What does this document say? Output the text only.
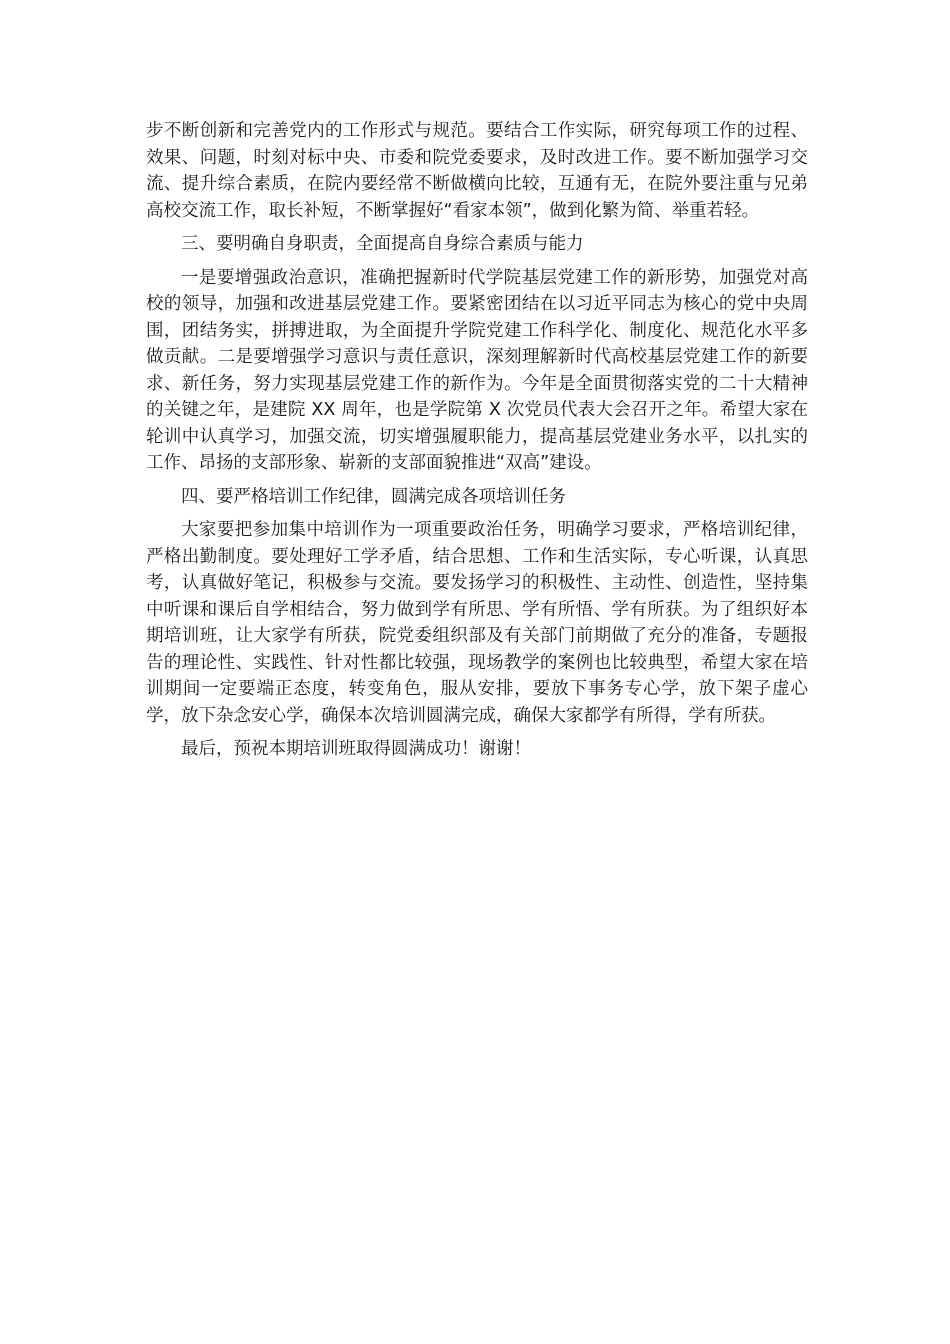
步不断创新和完善党内的工作形式与规范。要结合工作实际，研究每项工作的过程、效果、问题，时刻对标中央、市委和院党委要求，及时改进工作。要不断加强学习交流、提升综合素质，在院内要经常不断做横向比较，互通有无，在院外要注重与兄弟高校交流工作，取长补短，不断掌握好“看家本领”，做到化繁为简、举重若轻。

三、要明确自身职责，全面提高自身综合素质与能力

一是要增强政治意识，准确把握新时代学院基层党建工作的新形势，加强党对高校的领导，加强和改进基层党建工作。要紧密团结在以习近平同志为核心的党中央周围，团结务实，拼搏进取，为全面提升学院党建工作科学化、制度化、规范化水平多做贡献。二是要增强学习意识与责任意识，深刻理解新时代高校基层党建工作的新要求、新任务，努力实现基层党建工作的新作为。今年是全面贯彻落实党的二十大精神的关键之年，是建院 XX 周年，也是学院第 X 次党员代表大会召开之年。希望大家在轮训中认真学习，加强交流，切实增强履职能力，提高基层党建业务水平，以扎实的工作、昂扬的支部形象、崭新的支部面貌推进“双高”建设。

四、要严格培训工作纪律，圆满完成各项培训任务

大家要把参加集中培训作为一项重要政治任务，明确学习要求，严格培训纪律，严格出勤制度。要处理好工学矛盾，结合思想、工作和生活实际，专心听课，认真思考，认真做好笔记，积极参与交流。要发扬学习的积极性、主动性、创造性，坚持集中听课和课后自学相结合，努力做到学有所思、学有所悟、学有所获。为了组织好本期培训班，让大家学有所获，院党委组织部及有关部门前期做了充分的准备，专题报告的理论性、实践性、针对性都比较强，现场教学的案例也比较典型，希望大家在培训期间一定要端正态度，转变角色，服从安排，要放下事务专心学，放下架子虚心学，放下杂念安心学，确保本次培训圆满完成，确保大家都学有所得，学有所获。

最后，预祝本期培训班取得圆满成功！谢谢！
